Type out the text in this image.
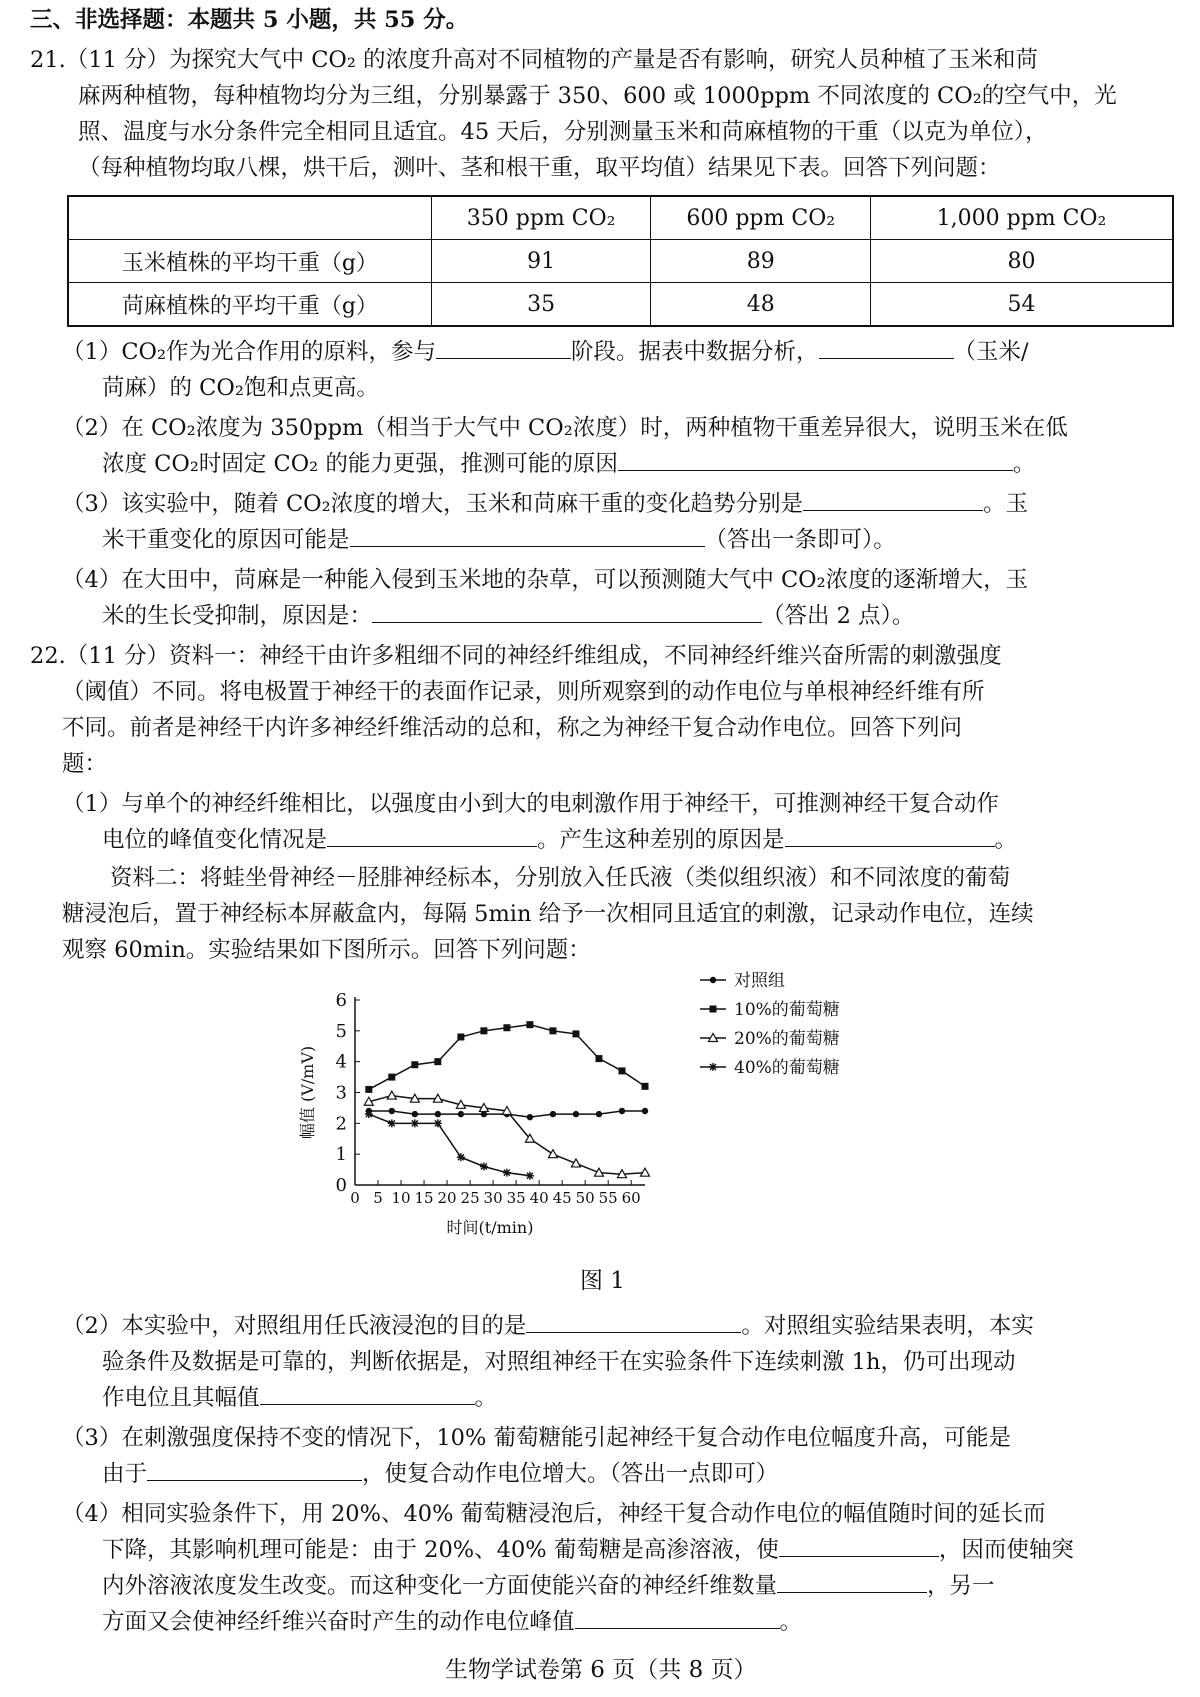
三、非选择题：本题共 5 小题，共 55 分。
21.（11 分）为探究大气中 CO₂ 的浓度升高对不同植物的产量是否有影响，研究人员种植了玉米和苘
麻两种植物，每种植物均分为三组，分别暴露于 350、600 或 1000ppm 不同浓度的 CO₂的空气中，光
照、温度与水分条件完全相同且适宜。45 天后，分别测量玉米和苘麻植物的干重（以克为单位），
（每种植物均取八棵，烘干后，测叶、茎和根干重，取平均值）结果见下表。回答下列问题：
	350 ppm CO₂	600 ppm CO₂	1,000 ppm CO₂
玉米植株的平均干重（g）	91	89	80
苘麻植株的平均干重（g）	35	48	54
（1）CO₂作为光合作用的原料，参与	阶段。据表中数据分析，	（玉米/
苘麻）的 CO₂饱和点更高。
（2）在 CO₂浓度为 350ppm（相当于大气中 CO₂浓度）时，两种植物干重差异很大，说明玉米在低
浓度 CO₂时固定 CO₂ 的能力更强，推测可能的原因	。
（3）该实验中，随着 CO₂浓度的增大，玉米和苘麻干重的变化趋势分别是	。玉
米干重变化的原因可能是	（答出一条即可）。
（4）在大田中，苘麻是一种能入侵到玉米地的杂草，可以预测随大气中 CO₂浓度的逐渐增大，玉
米的生长受抑制，原因是：	（答出 2 点）。
22.（11 分）资料一：神经干由许多粗细不同的神经纤维组成，不同神经纤维兴奋所需的刺激强度
（阈值）不同。将电极置于神经干的表面作记录，则所观察到的动作电位与单根神经纤维有所
不同。前者是神经干内许多神经纤维活动的总和，称之为神经干复合动作电位。回答下列问
题：
（1）与单个的神经纤维相比，以强度由小到大的电刺激作用于神经干，可推测神经干复合动作
电位的峰值变化情况是	。产生这种差别的原因是	。
资料二：将蛙坐骨神经－胫腓神经标本，分别放入任氏液（类似组织液）和不同浓度的葡萄
糖浸泡后，置于神经标本屏蔽盒内，每隔 5min 给予一次相同且适宜的刺激，记录动作电位，连续
观察 60min。实验结果如下图所示。回答下列问题：
0
1
2
3
4
5
6
0 5 10 15 20 25 30 35 40 45 50 55 60
时间(t/min)
幅值 (V/mV)
对照组
10%的葡萄糖
20%的葡萄糖
40%的葡萄糖
图 1
（2）本实验中，对照组用任氏液浸泡的目的是	。对照组实验结果表明，本实
验条件及数据是可靠的，判断依据是，对照组神经干在实验条件下连续刺激 1h，仍可出现动
作电位且其幅值	。
（3）在刺激强度保持不变的情况下，10% 葡萄糖能引起神经干复合动作电位幅度升高，可能是
由于	，使复合动作电位增大。（答出一点即可）
（4）相同实验条件下，用 20%、40% 葡萄糖浸泡后，神经干复合动作电位的幅值随时间的延长而
下降，其影响机理可能是：由于 20%、40% 葡萄糖是高渗溶液，使	，因而使轴突
内外溶液浓度发生改变。而这种变化一方面使能兴奋的神经纤维数量	，另一
方面又会使神经纤维兴奋时产生的动作电位峰值	。
生物学试卷第 6 页（共 8 页）
